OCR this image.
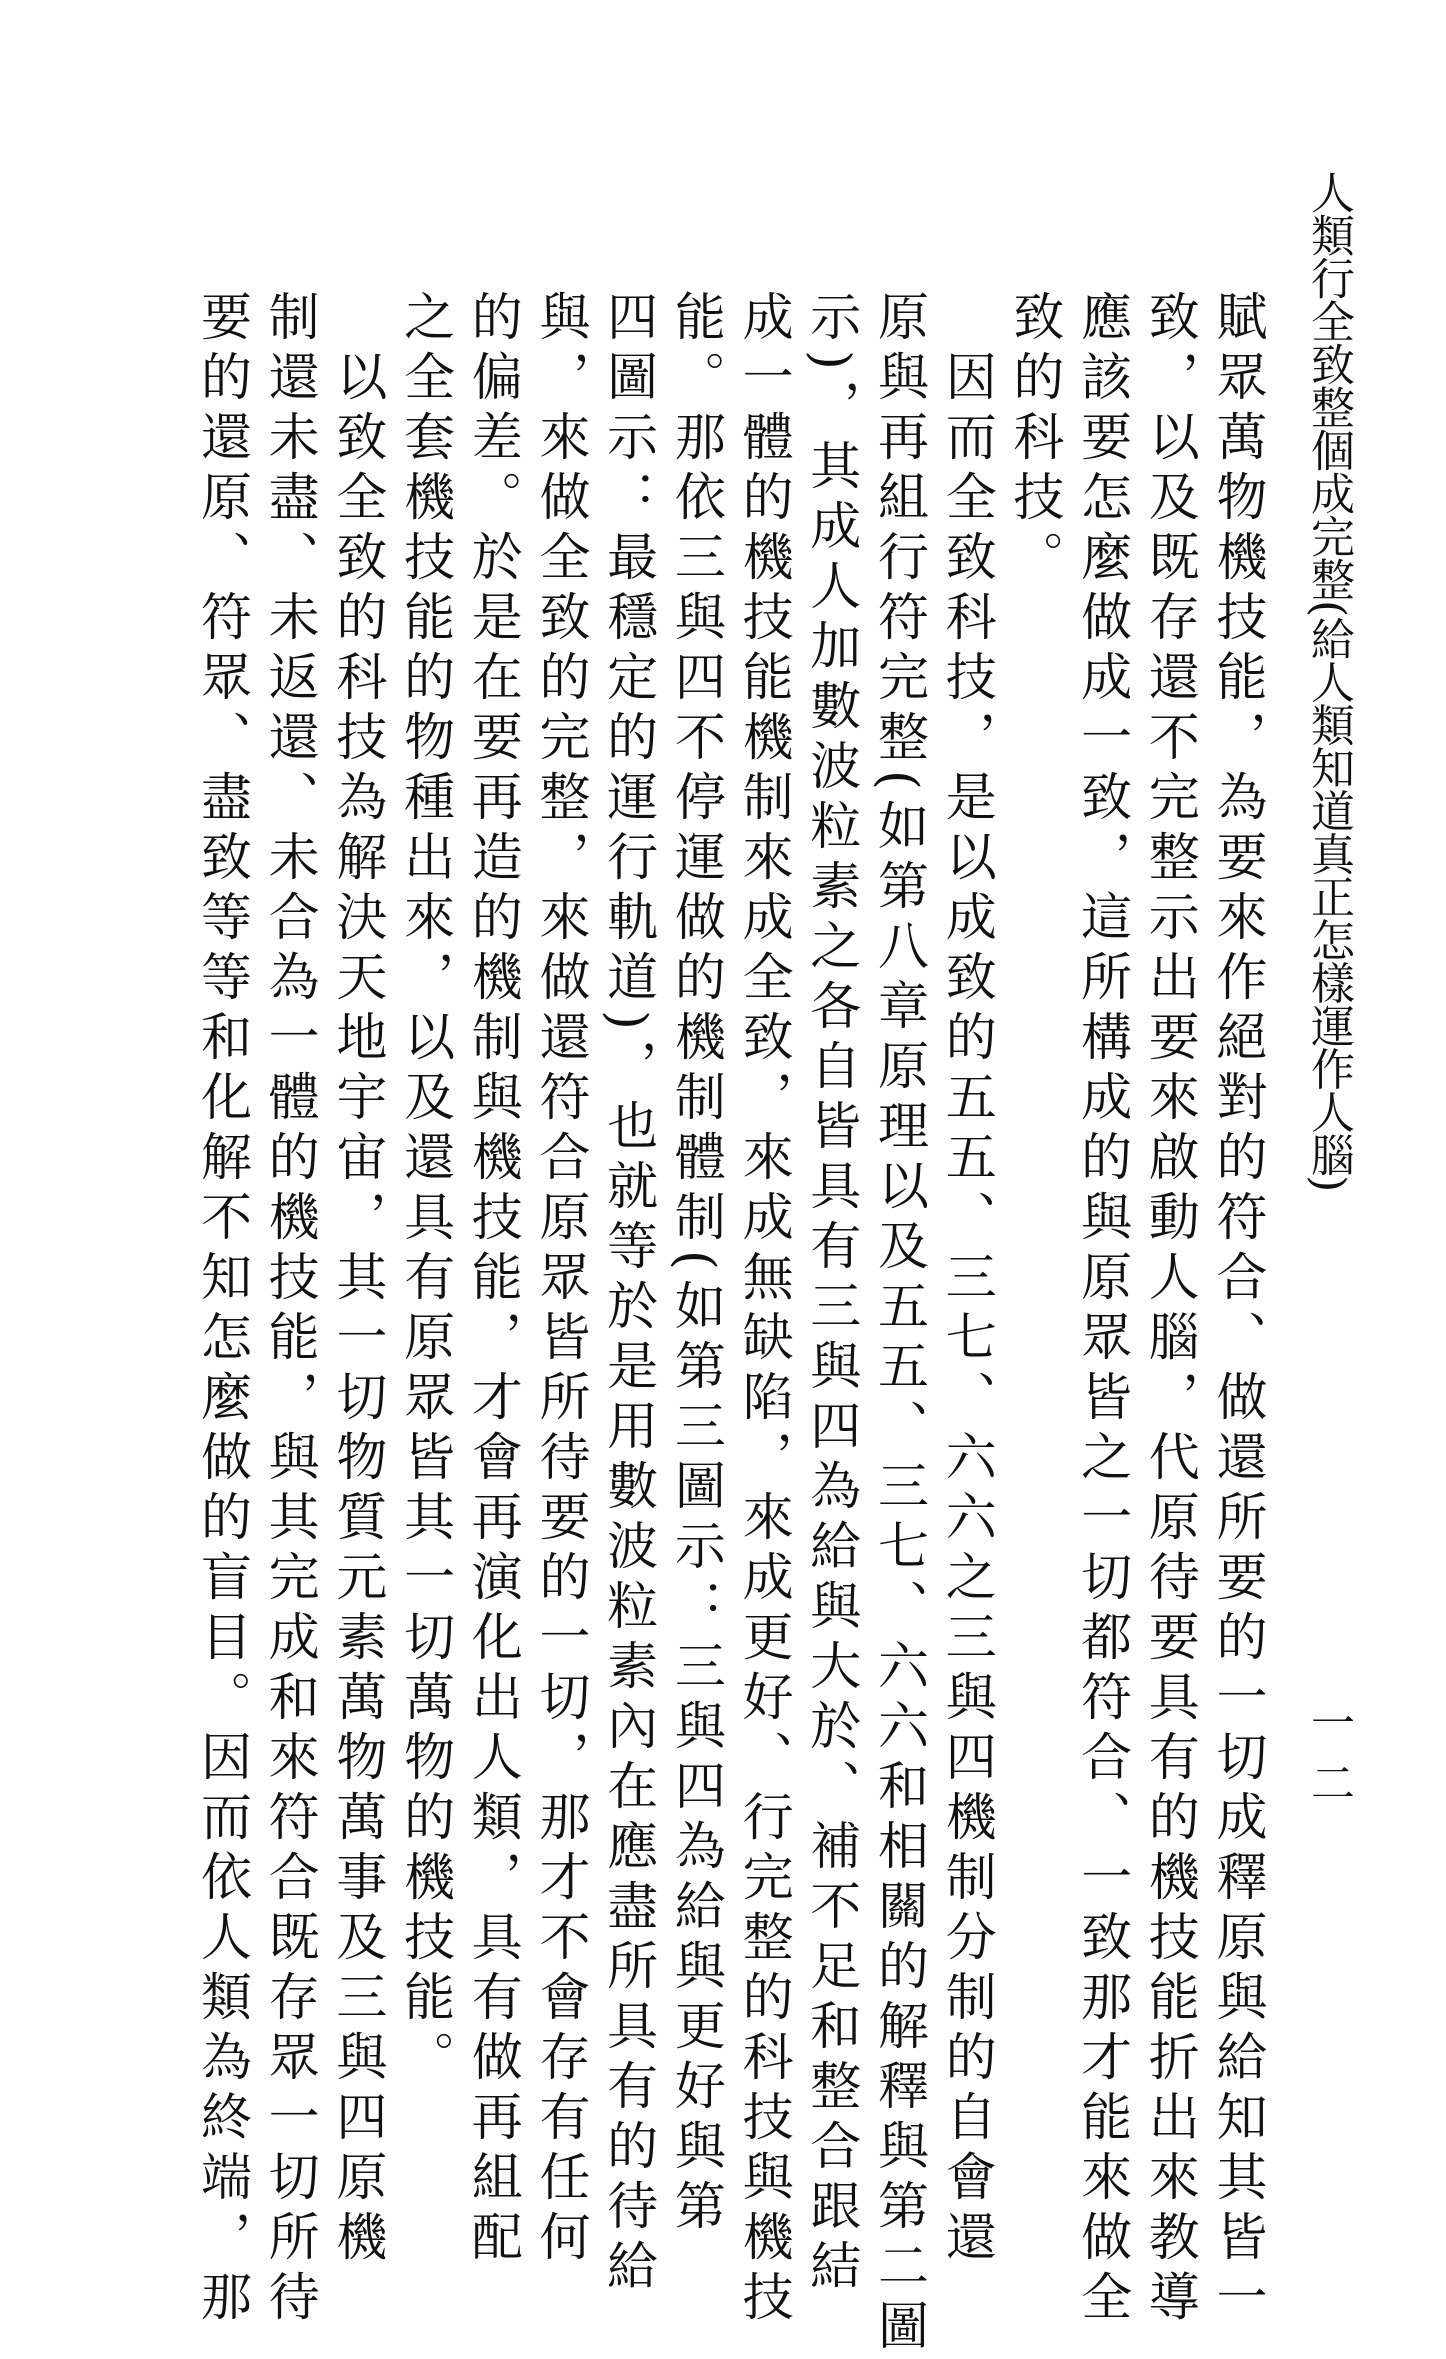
人類行全致整個成完整(給人類知道真正怎樣運作人腦)
一二

賦眾萬物機技能，為要來作絕對的符合、做還所要的一切成釋原與給知其皆一

致，以及既存還不完整示出要來啟動人腦，代原待要具有的機技能折出來教導

應該要怎麼做成一致，這所構成的與原眾皆之一切都符合、一致那才能來做全

致的科技。

　因而全致科技，是以成致的五五、三七、六六之三與四機制分制的自會還

原與再組行符完整(如第八章原理以及五五、三七、六六和相關的解釋與第二圖

示)，其成人加數波粒素之各自皆具有三與四為給與大於、補不足和整合跟結

成一體的機技能機制來成全致，來成無缺陷，來成更好、行完整的科技與機技

能。那依三與四不停運做的機制體制(如第三圖示：三與四為給與更好與第

四圖示：最穩定的運行軌道)，也就等於是用數波粒素內在應盡所具有的待給

與，來做全致的完整，來做還符合原眾皆所待要的一切，那才不會存有任何

的偏差。於是在要再造的機制與機技能，才會再演化出人類，具有做再組配

之全套機技能的物種出來，以及還具有原眾皆其一切萬物的機技能。

　以致全致的科技為解決天地宇宙，其一切物質元素萬物萬事及三與四原機

制還未盡、未返還、未合為一體的機技能，與其完成和來符合既存眾一切所待

要的還原、符眾、盡致等等和化解不知怎麼做的盲目。因而依人類為終端，那
